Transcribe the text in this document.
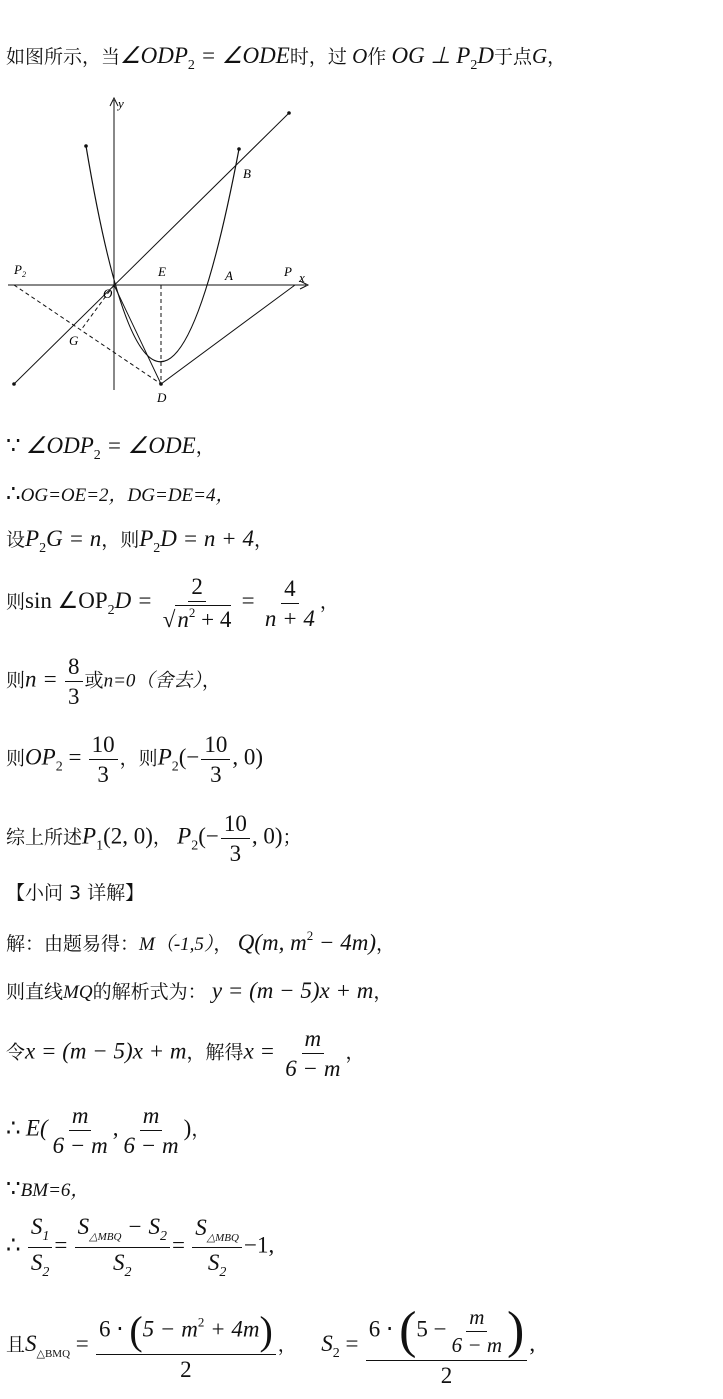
如图所示，当$\angle ODP_2$ = ∠ODE时，过 O作 OG ⊥ $P_2D$于点G，
y
x
B
E	A	P
$P_2$
O
G
D
∵ $\angle ODP_2$ = ∠ODE，
∴OG=OE=2，DG=DE=4，
设$P_2G = n$，则$P_2D = n + 4$，
则$\sin \angle OP_2D = \frac{2}{√n^2 + 4} = \frac{4}{n + 4}$ ，
则$n = \frac{8}{3}$ 或n=0（舍去），
则$OP_2 = \frac{10}{3}$ ，则$P_2(- \frac{10}{3}$ , 0)
综上所述$P_1(2$, 0)， $P_2(- \frac{10}{3}$ , 0)；
【小问 3 详解】
解：由题易得：M（-1,5）， Q(m, $m^2 - 4m$)，
则直线MQ的解析式为： y = (m − 5)x + m，
令x = (m − 5)x + m，解得$x = \frac{m}{6 - m}$ ，
∴ $E( \frac{m}{6 - m}$ , $\frac{m}{6 - m}$ )，
∵BM=6，
∴ $\frac{S_1}{S_2} = \frac{S_{\triangle MBQ} - S_2}{S_2} = \frac{S_{\triangle MBQ}}{S_2} -1$,
且$S_{\triangle BMQ} = \frac{6 \cdot (5 - m^2 + 4m)}{2}$ ， $S_2 = \frac{6 \cdot (5 - \frac{m}{6 - m} )}{2}$ ,
